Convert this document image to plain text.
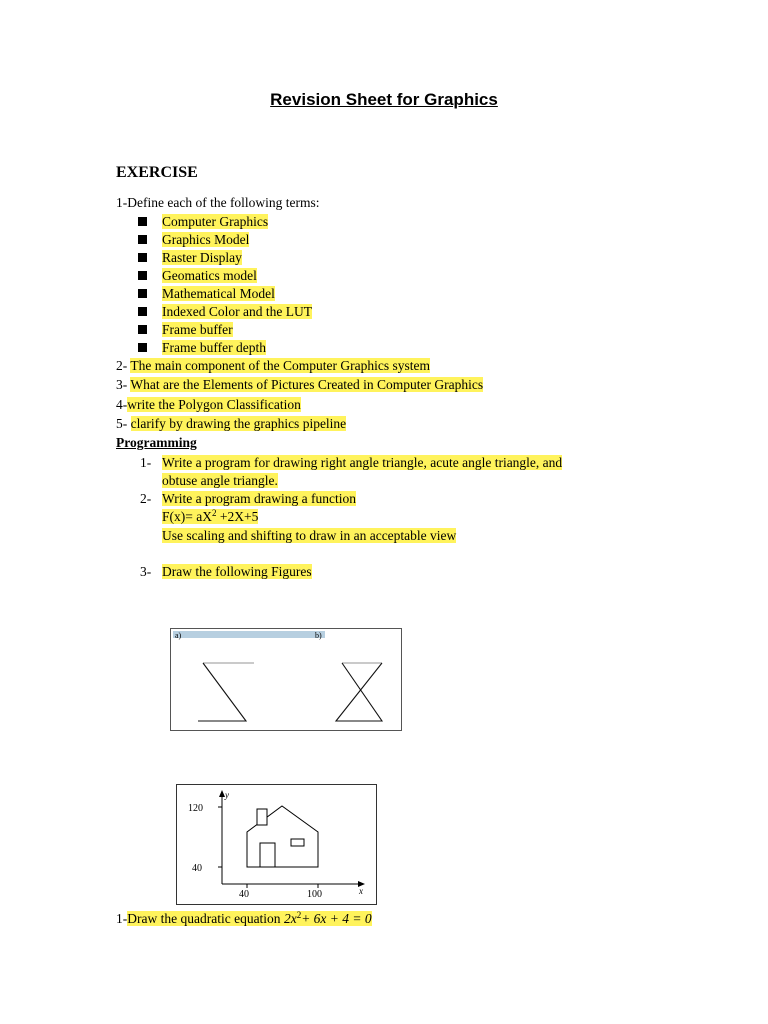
Revision Sheet for Graphics
EXERCISE
1-Define each of the following terms:
Computer Graphics
Graphics Model
Raster Display
Geomatics model
Mathematical Model
Indexed Color and the LUT
Frame buffer
Frame buffer depth
2- The main component of the Computer Graphics system
3- What are the Elements of Pictures Created in Computer Graphics
4-write the Polygon Classification
5- clarify by drawing the graphics pipeline
Programming
1- Write a program for drawing right angle triangle, acute angle triangle, and
obtuse angle triangle.
2- Write a program drawing a function
$F(x)= aX^2 +2X+5$
Use scaling and shifting to draw in an acceptable view
3- Draw the following Figures
a)	b)
y
x
120
40
40	100
1-Draw the quadratic equation $2x^2+ 6x + 4 = 0$
